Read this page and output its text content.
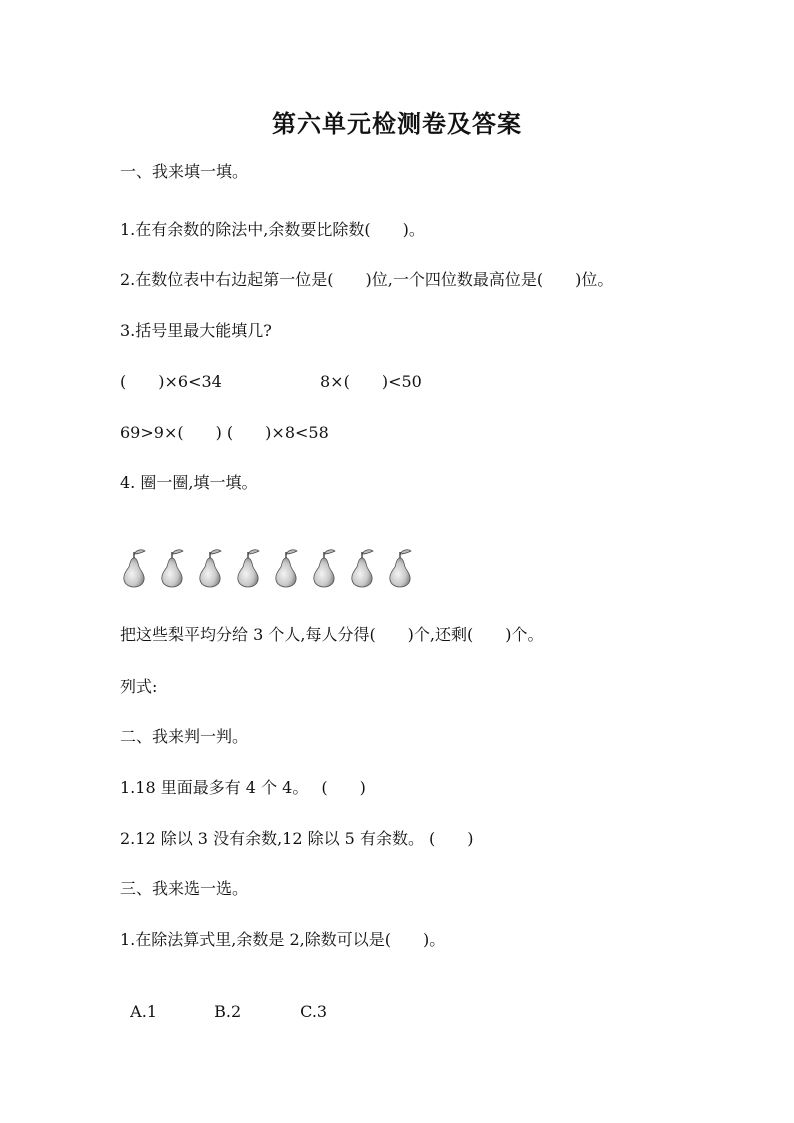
第六单元检测卷及答案
一、我来填一填。
1.在有余数的除法中,余数要比除数(　　)。
2.在数位表中右边起第一位是(　　)位,一个四位数最高位是(　　)位。
3.括号里最大能填几?
(　　)×6<34	8×(　　)<50
69>9×(　　) (　　)×8<58
4. 圈一圈,填一填。
把这些梨平均分给 3 个人,每人分得(　　)个,还剩(　　)个。
列式:
二、我来判一判。
1.18 里面最多有 4 个 4。　 (　　)
2.12 除以 3 没有余数,12 除以 5 有余数。 (　　)
三、我来选一选。
1.在除法算式里,余数是 2,除数可以是(　　)。

A.1	B.2	C.3
